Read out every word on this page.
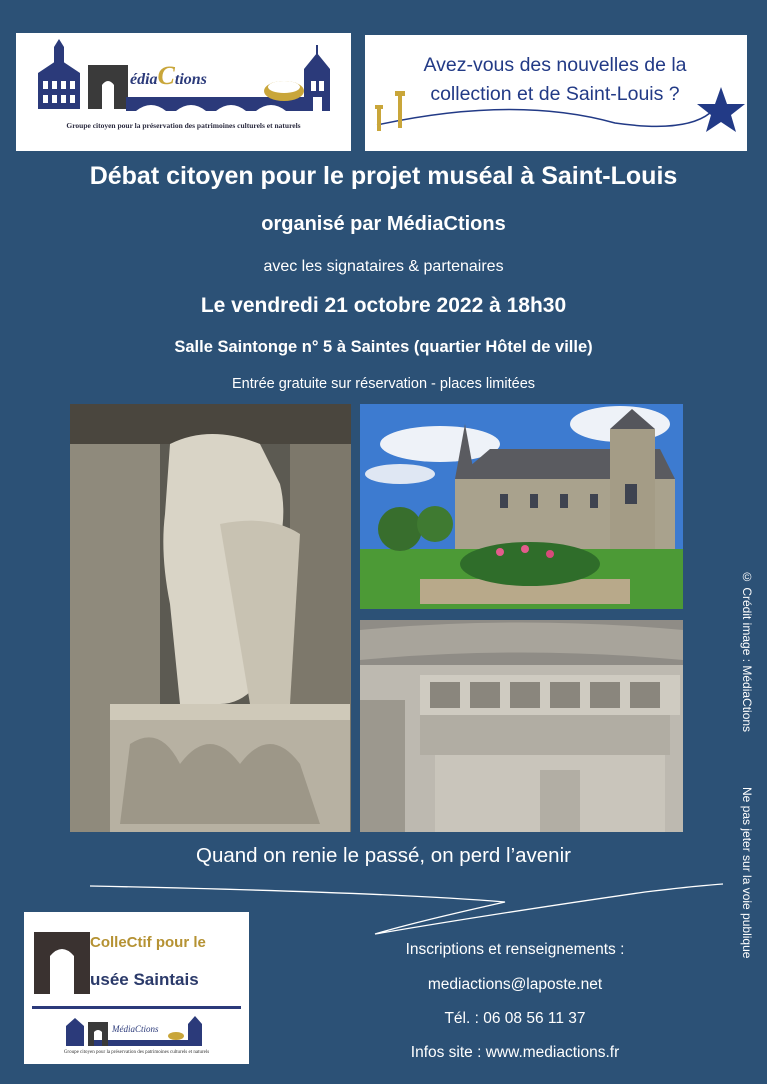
édiaCtions
Groupe citoyen pour la préservation des patrimoines culturels et naturels
Avez-vous des nouvelles de la collection et de Saint-Louis ?
Débat citoyen pour le projet muséal à Saint-Louis
organisé par MédiaCtions
avec les signataires & partenaires
Le vendredi 21 octobre 2022 à 18h30
Salle Saintonge n° 5 à Saintes (quartier Hôtel de ville)
Entrée gratuite sur réservation - places limitées
© Crédit image : MédiaCtions
Ne pas jeter sur la voie publique
Quand on renie le passé, on perd l’avenir
ColleCtif pour le
usée Saintais
MédiaCtions
Groupe citoyen pour la préservation des patrimoines culturels et naturels
Inscriptions et renseignements :
mediactions@laposte.net
Tél. : 06 08 56 11 37
Infos site : www.mediactions.fr
